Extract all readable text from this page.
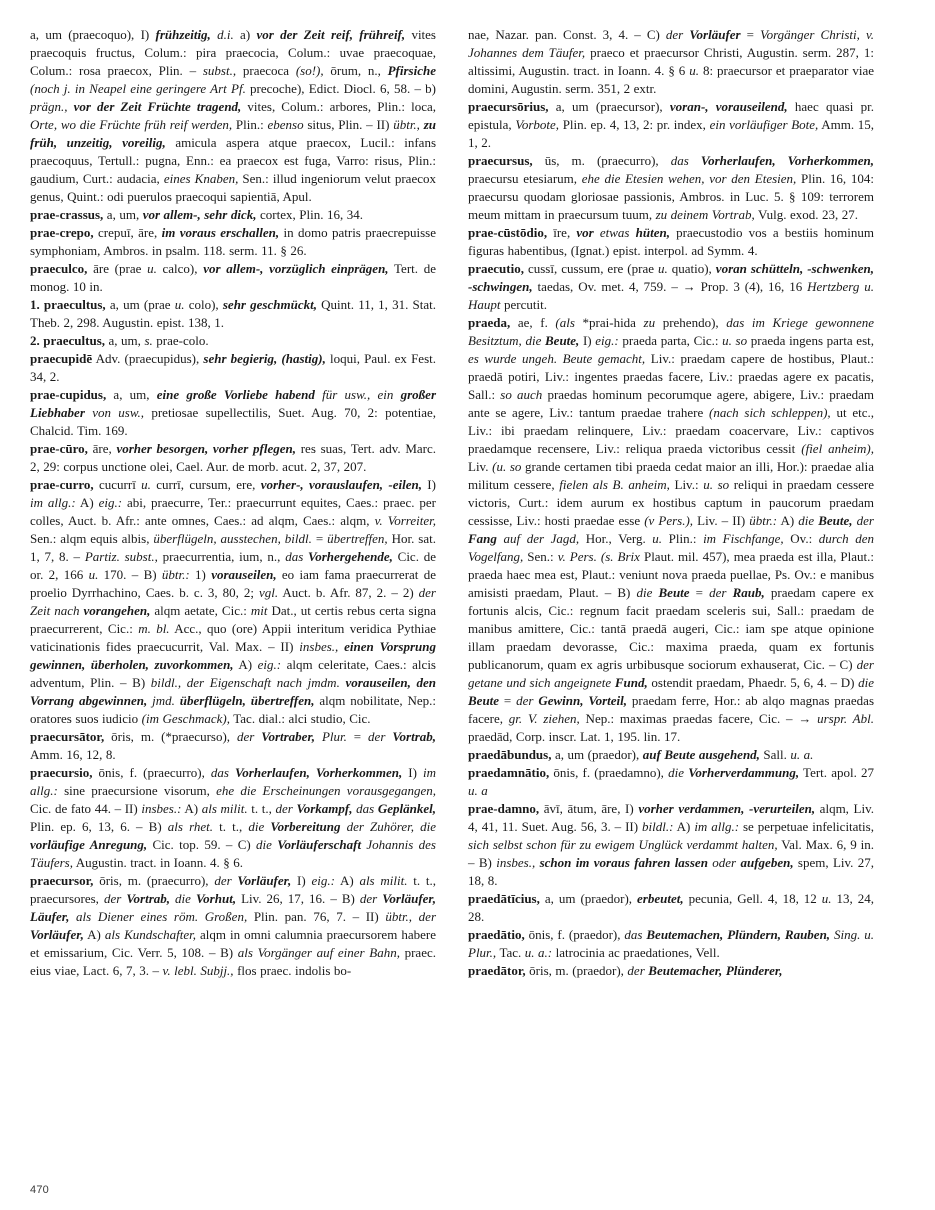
a, um (praecoquo), I) frühzeitig, d.i. a) vor der Zeit reif, frühreif, vites praecoquis fructus, Colum.: pira praecocia, Colum.: uvae praecoquae, Colum.: rosa praecox, Plin. – subst., praecoca (so!), ōrum, n., Pfirsiche (noch j. in Neapel eine geringere Art Pf. precoche), Edict. Diocl. 6, 58. – b) prägn., vor der Zeit Früchte tragend, vites, Colum.: arbores, Plin.: loca, Orte, wo die Früchte früh reif werden, Plin.: ebenso situs, Plin. – II) übtr., zu früh, unzeitig, voreilig, amicula aspera atque praecox, Lucil.: infans praecoquus, Tertull.: pugna, Enn.: ea praecox est fuga, Varro: risus, Plin.: gaudium, Curt.: audacia, eines Knaben, Sen.: illud ingeniorum velut praecox genus, Quint.: odi puerulos praecoqui sapientiā, Apul.

prae-crassus, a, um, vor allem-, sehr dick, cortex, Plin. 16, 34.

prae-crepo, crepuī, āre, im voraus erschallen, in domo patris praecrepuisse symphoniam, Ambros. in psalm. 118. serm. 11. § 26.

praeculco, āre (prae u. calco), vor allem-, vorzüglich einprägen, Tert. de monog. 10 in.

1. praecultus, a, um (prae u. colo), sehr geschmückt, Quint. 11, 1, 31. Stat. Theb. 2, 298. Augustin. epist. 138, 1.

2. praecultus, a, um, s. prae-colo.

praecupidē Adv. (praecupidus), sehr begierig, (hastig), loqui, Paul. ex Fest. 34, 2.

prae-cupidus, a, um, eine große Vorliebe habend für usw., ein großer Liebhaber von usw., pretiosae supellectilis, Suet. Aug. 70, 2: potentiae, Chalcid. Tim. 169.

prae-cūro, āre, vorher besorgen, vorher pflegen, res suas, Tert. adv. Marc. 2, 29: corpus unctione olei, Cael. Aur. de morb. acut. 2, 37, 207.

prae-curro, cucurrī u. currī, cursum, ere, vorher-, vorauslaufen, -eilen, I) im allg.: A) eig.: abi, praecurre, Ter.: praecurrunt equites, Caes.: praec. per colles, Auct. b. Afr.: ante omnes, Caes.: ad alqm, Caes.: alqm, v. Vorreiter, Sen.: alqm equis albis, überflügeln, ausstechen, bildl. = übertreffen, Hor. sat. 1, 7, 8. – Partiz. subst., praecurrentia, ium, n., das Vorhergehende, Cic. de or. 2, 166 u. 170. – B) übtr.: 1) vorauseilen, eo iam fama praecurrerat de proelio Dyrrhachino, Caes. b. c. 3, 80, 2; vgl. Auct. b. Afr. 87, 2. – 2) der Zeit nach vorangehen, alqm aetate, Cic.: mit Dat., ut certis rebus certa signa praecurrerent, Cic.: m. bl. Acc., quo (ore) Appii interitum veridica Pythiae vaticinationis fides praecucurrit, Val. Max. – II) insbes., einen Vorsprung gewinnen, überholen, zuvorkommen, A) eig.: alqm celeritate, Caes.: alcis adventum, Plin. – B) bildl., der Eigenschaft nach jmdm. vorauseilen, den Vorrang abgewinnen, jmd. überflügeln, übertreffen, alqm nobilitate, Nep.: oratores suos iudicio (im Geschmack), Tac. dial.: alci studio, Cic.

praecursātor, ōris, m. (*praecurso), der Vortraber, Plur. = der Vortrab, Amm. 16, 12, 8.

praecursio, ōnis, f. (praecurro), das Vorherlaufen, Vorherkommen, I) im allg.: sine praecursione visorum, ehe die Erscheinungen vorausgegangen, Cic. de fato 44. – II) insbes.: A) als milit. t. t., der Vorkampf, das Geplänkel, Plin. ep. 6, 13, 6. – B) als rhet. t. t., die Vorbereitung der Zuhörer, die vorläufige Anregung, Cic. top. 59. – C) die Vorläuferschaft Johannis des Täufers, Augustin. tract. in Ioann. 4. § 6.

praecursor, ōris, m. (praecurro), der Vorläufer, I) eig.: A) als milit. t. t., praecursores, der Vortrab, die Vorhut, Liv. 26, 17, 16. – B) der Vorläufer, Läufer, als Diener eines röm. Großen, Plin. pan. 76, 7. – II) übtr., der Vorläufer, A) als Kundschafter, alqm in omni calumnia praecursorem habere et emissarium, Cic. Verr. 5, 108. – B) als Vorgänger auf einer Bahn, praec. eius viae, Lact. 6, 7, 3. – v. lebl. Subjj., flos praec. indolis bo-

nae, Nazar. pan. Const. 3, 4. – C) der Vorläufer = Vorgänger Christi, v. Johannes dem Täufer, praeco et praecursor Christi, Augustin. serm. 287, 1: altissimi, Augustin. tract. in Ioann. 4. § 6 u. 8: praecursor et praeparator viae domini, Augustin. serm. 351, 2 extr.

praecursōrius, a, um (praecursor), voran-, vorauseilend, haec quasi pr. epistula, Vorbote, Plin. ep. 4, 13, 2: pr. index, ein vorläufiger Bote, Amm. 15, 1, 2.

praecursus, ūs, m. (praecurro), das Vorherlaufen, Vorherkommen, praecursu etesiarum, ehe die Etesien wehen, vor den Etesien, Plin. 16, 104: praecursu quodam gloriosae passionis, Ambros. in Luc. 5. § 109: terrorem meum mittam in praecursum tuum, zu deinem Vortrab, Vulg. exod. 23, 27.

prae-cūstōdio, īre, vor etwas hüten, praecustodio vos a bestiis hominum figuras habentibus, (Ignat.) epist. interpol. ad Symm. 4.

praecutio, cussī, cussum, ere (prae u. quatio), voran schütteln, -schwenken, -schwingen, taedas, Ov. met. 4, 759. – → Prop. 3 (4), 16, 16 Hertzberg u. Haupt percutit.

praeda, ae, f. (als *prai-hida zu prehendo), das im Kriege gewonnene Besitztum, die Beute, I) eig.: praeda parta, Cic.: u. so praeda ingens parta est, es wurde ungeh. Beute gemacht, Liv.: praedam capere de hostibus, Plaut.: praedā potiri, Liv.: ingentes praedas facere, Liv.: praedas agere ex pacatis, Sall.: so auch praedas hominum pecorumque agere, abigere, Liv.: praedam ante se agere, Liv.: tantum praedae trahere (nach sich schleppen), ut etc., Liv.: ibi praedam relinquere, Liv.: praedam coacervare, Liv.: captivos praedamque recensere, Liv.: reliqua praeda victoribus cessit (fiel anheim), Liv. (u. so grande certamen tibi praeda cedat maior an illi, Hor.): praedae alia militum cessere, fielen als B. anheim, Liv.: u. so reliqui in praedam cessere victoris, Curt.: idem aurum ex hostibus captum in paucorum praedam cessisse, Liv.: hosti praedae esse (v Pers.), Liv. – II) übtr.: A) die Beute, der Fang auf der Jagd, Hor., Verg. u. Plin.: im Fischfange, Ov.: durch den Vogelfang, Sen.: v. Pers. (s. Brix Plaut. mil. 457), mea praeda est illa, Plaut.: praeda haec mea est, Plaut.: veniunt nova praeda puellae, Ps. Ov.: e manibus amisisti praedam, Plaut. – B) die Beute = der Raub, praedam capere ex fortunis alcis, Cic.: regnum facit praedam sceleris sui, Sall.: praedam de manibus amittere, Cic.: tantā praedā augeri, Cic.: iam spe atque opinione illam praedam devorasse, Cic.: maxima praeda, quam ex fortunis publicanorum, quam ex agris urbibusque sociorum exhauserat, Cic. – C) der getane und sich angeignete Fund, ostendit praedam, Phaedr. 5, 6, 4. – D) die Beute = der Gewinn, Vorteil, praedam ferre, Hor.: ab alqo magnas praedas facere, gr. V. ziehen, Nep.: maximas praedas facere, Cic. – → urspr. Abl. praedād, Corp. inscr. Lat. 1, 195. lin. 17.

praedābundus, a, um (praedor), auf Beute ausgehend, Sall. u. a.

praedamnātio, ōnis, f. (praedamno), die Vorherverdammung, Tert. apol. 27 u. a

prae-damno, āvī, ātum, āre, I) vorher verdammen, -verurteilen, alqm, Liv. 4, 41, 11. Suet. Aug. 56, 3. – II) bildl.: A) im allg.: se perpetuae infelicitatis, sich selbst schon für zu ewigem Unglück verdammt halten, Val. Max. 6, 9 in. – B) insbes., schon im voraus fahren lassen oder aufgeben, spem, Liv. 27, 18, 8.

praedātīcius, a, um (praedor), erbeutet, pecunia, Gell. 4, 18, 12 u. 13, 24, 28.

praedātio, ōnis, f. (praedor), das Beutemachen, Plündern, Rauben, Sing. u. Plur., Tac. u. a.: latrocinia ac praedationes, Vell.

praedātor, ōris, m. (praedor), der Beutemacher, Plünderer,

470
